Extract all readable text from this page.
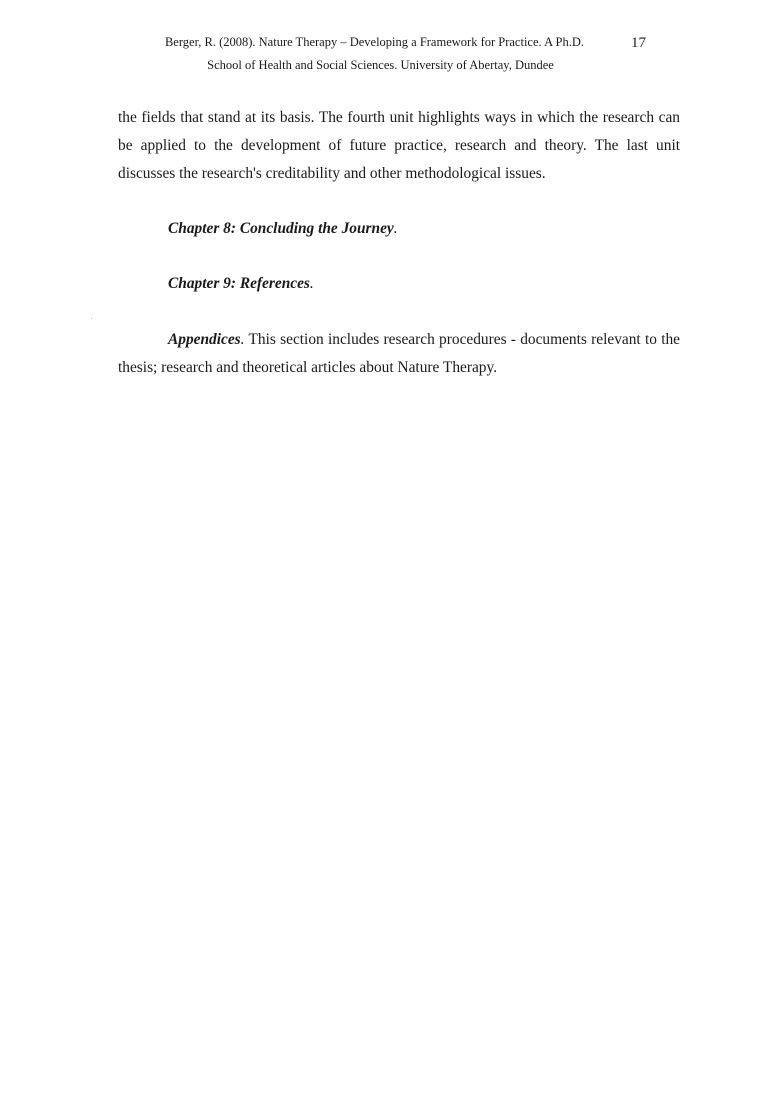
Berger, R. (2008). Nature Therapy – Developing a Framework for Practice. A Ph.D.
School of Health and Social Sciences. University of Abertay, Dundee
17

the fields that stand at its basis. The fourth unit highlights ways in which the research can be applied to the development of future practice, research and theory. The last unit discusses the research's creditability and other methodological issues.

Chapter 8: Concluding the Journey.
Chapter 9: References.

Appendices. This section includes research procedures - documents relevant to the thesis; research and theoretical articles about Nature Therapy.
